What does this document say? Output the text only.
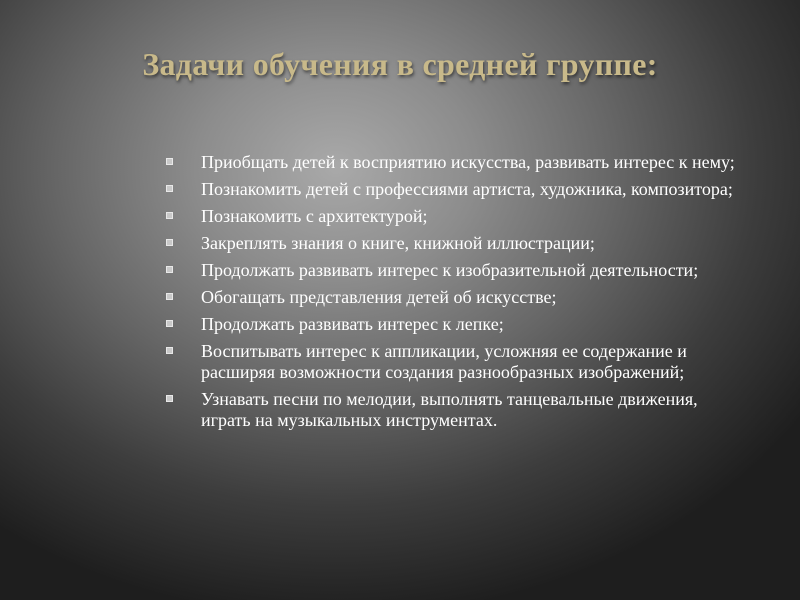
Задачи обучения в средней группе:
Приобщать детей к восприятию искусства, развивать интерес к нему;
Познакомить детей с профессиями артиста, художника, композитора;
Познакомить с архитектурой;
Закреплять знания о книге, книжной иллюстрации;
Продолжать развивать интерес к изобразительной деятельности;
Обогащать представления детей об искусстве;
Продолжать развивать интерес к лепке;
Воспитывать интерес к аппликации, усложняя ее содержание и расширяя возможности создания разнообразных изображений;
Узнавать песни по мелодии, выполнять танцевальные движения, играть на музыкальных инструментах.
